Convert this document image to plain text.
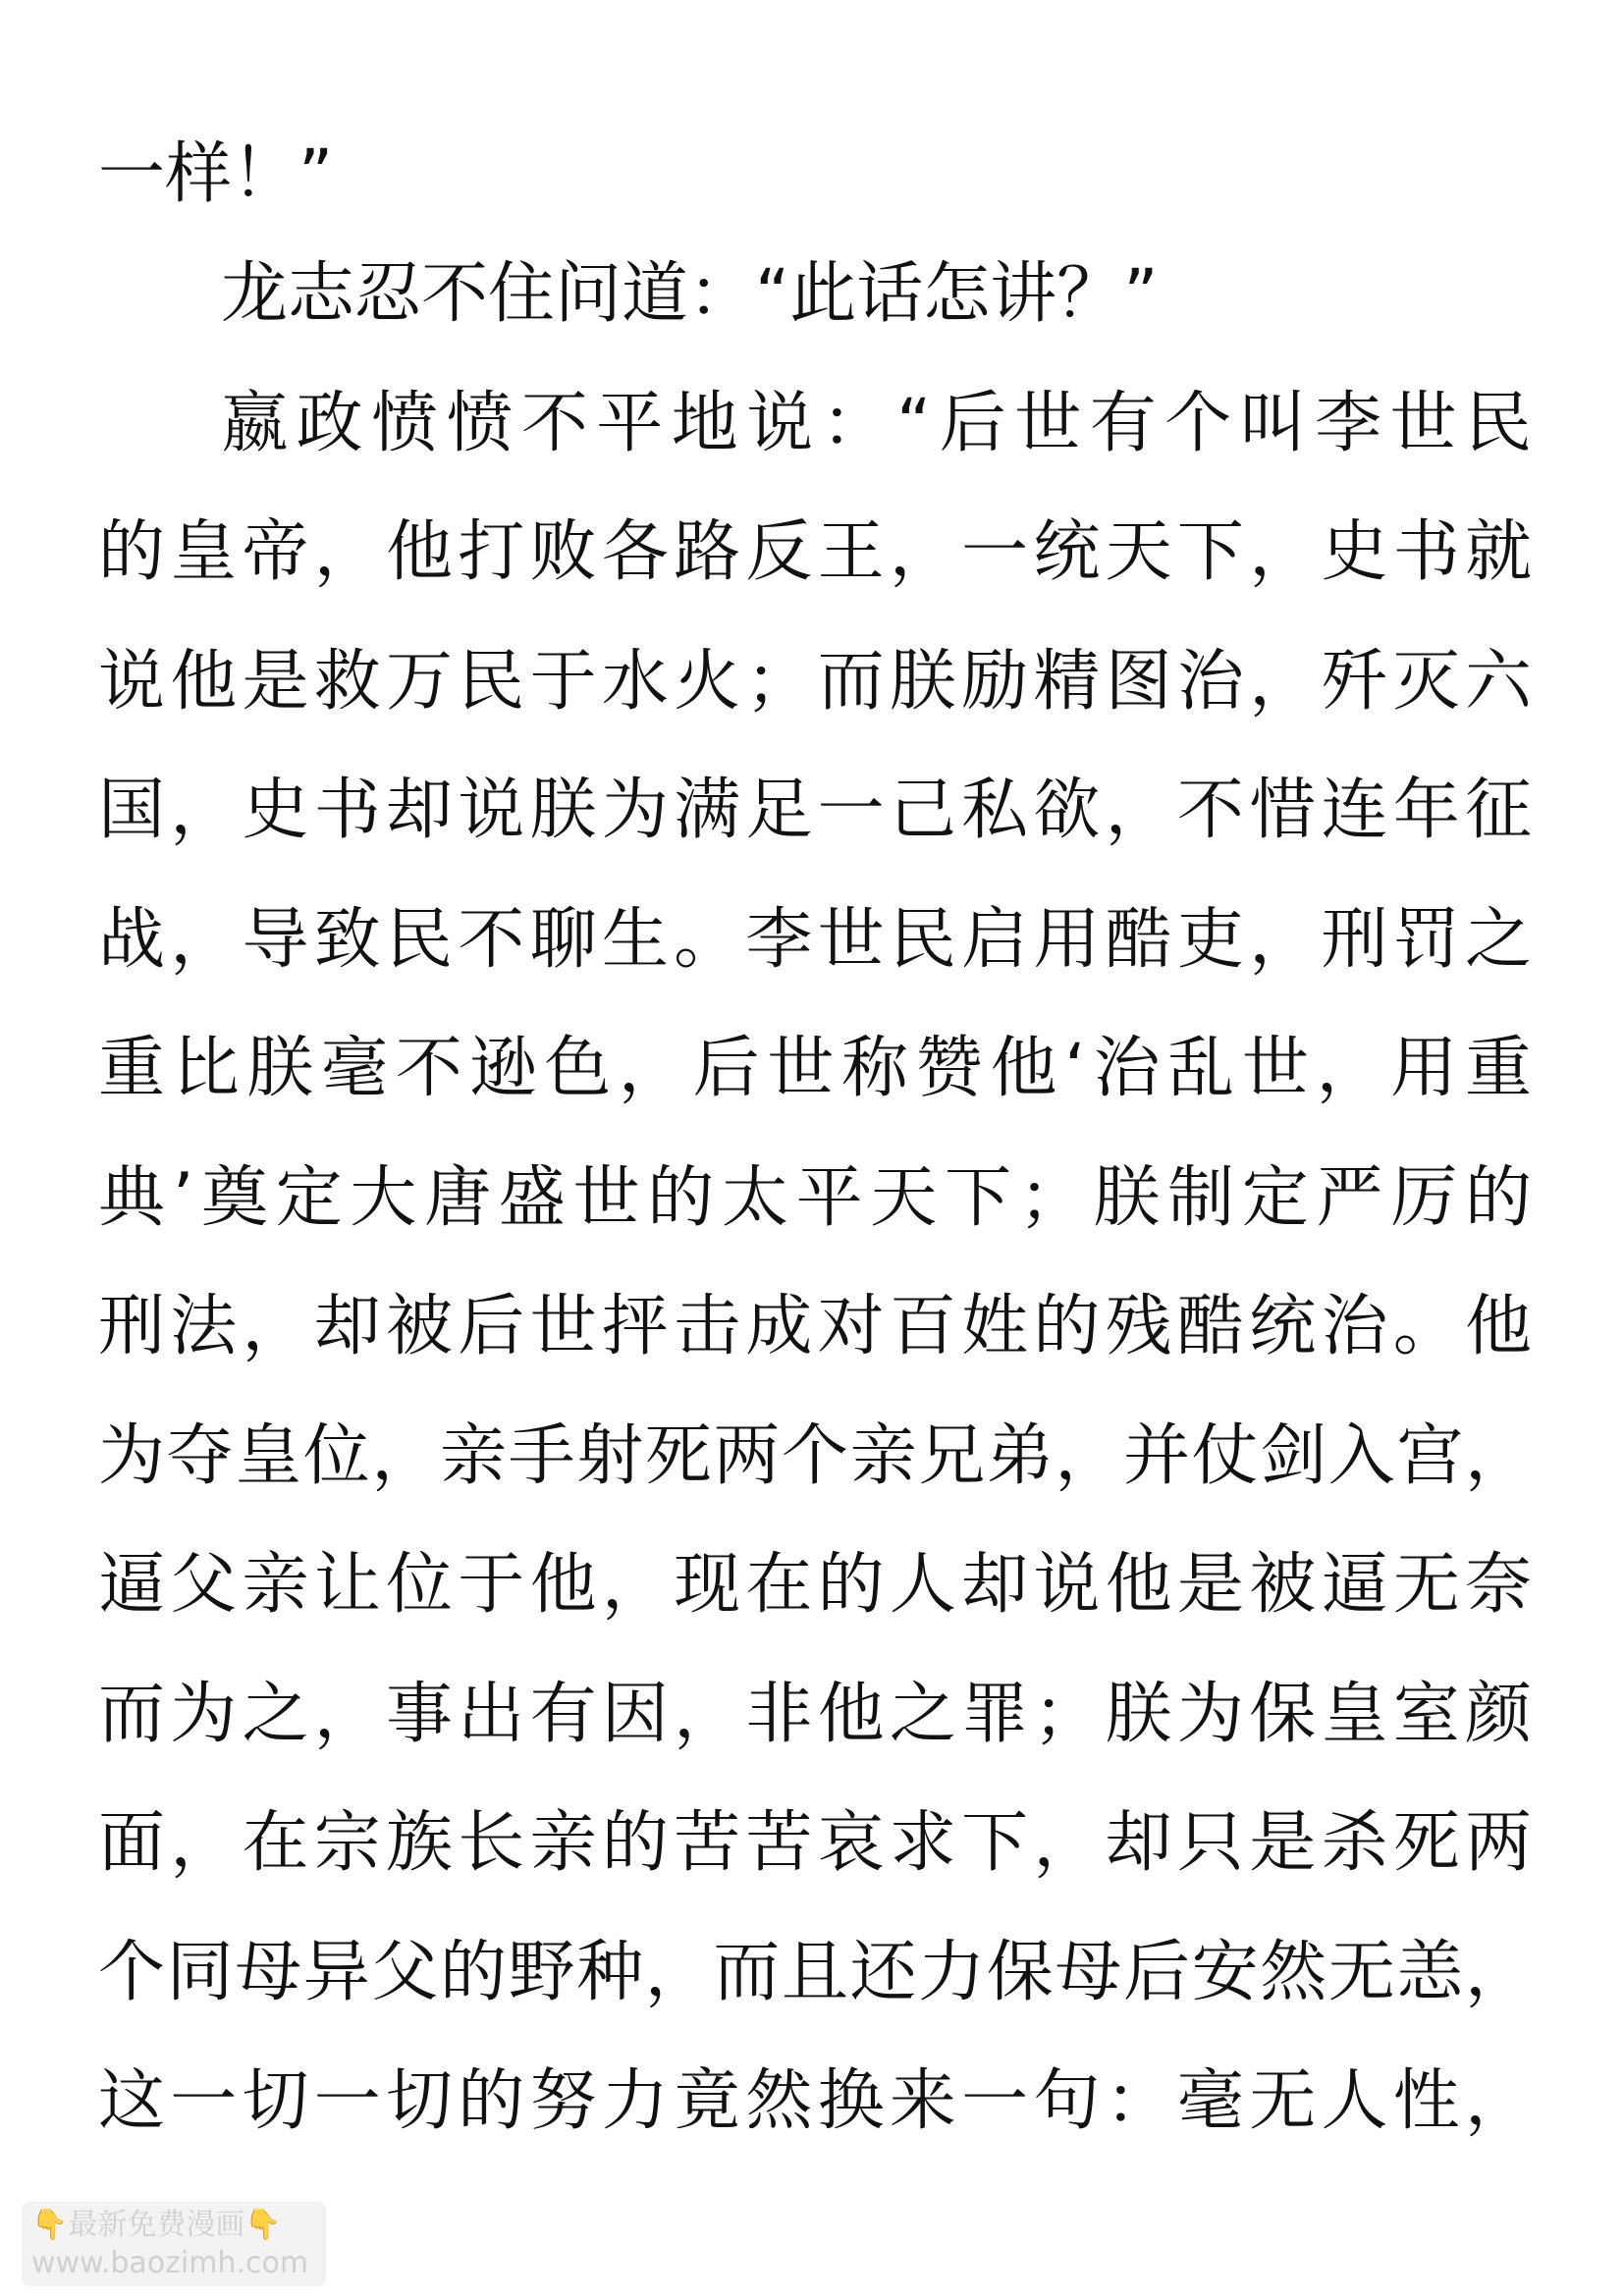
一样！”
龙志忍不住问道：“此话怎讲？”
嬴政愤愤不平地说：“后世有个叫李世民
的皇帝，他打败各路反王，一统天下，史书就
说他是救万民于水火；而朕励精图治，歼灭六
国，史书却说朕为满足一己私欲，不惜连年征
战，导致民不聊生。李世民启用酷吏，刑罚之
重比朕毫不逊色，后世称赞他‘治乱世，用重
典’奠定大唐盛世的太平天下；朕制定严厉的
刑法，却被后世抨击成对百姓的残酷统治。他
为夺皇位，亲手射死两个亲兄弟，并仗剑入宫，
逼父亲让位于他，现在的人却说他是被逼无奈
而为之，事出有因，非他之罪；朕为保皇室颜
面，在宗族长亲的苦苦哀求下，却只是杀死两
个同母异父的野种，而且还力保母后安然无恙，
这一切一切的努力竟然换来一句：毫无人性，
👇最新免费漫画👇
www.baozimh.com
